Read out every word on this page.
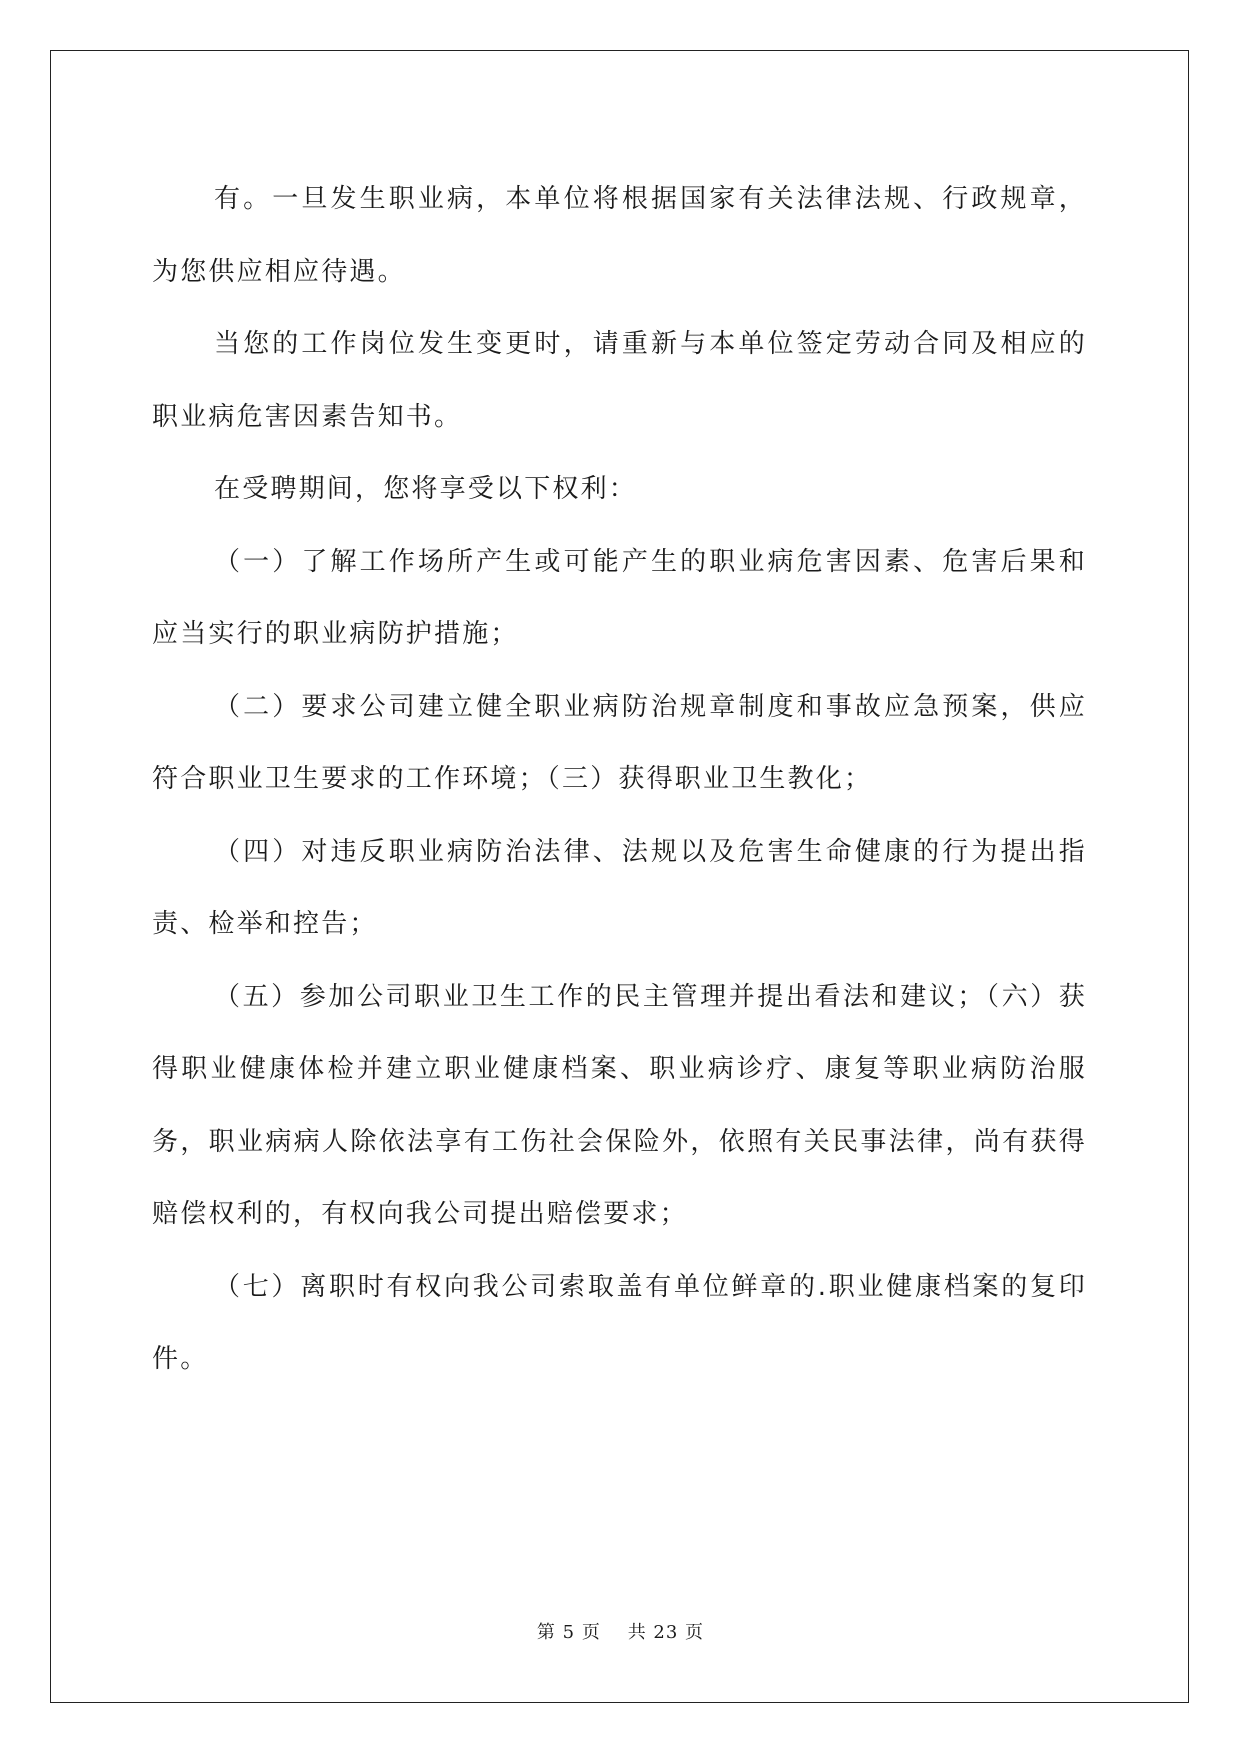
有。一旦发生职业病，本单位将根据国家有关法律法规、行政规章，为您供应相应待遇。

当您的工作岗位发生变更时，请重新与本单位签定劳动合同及相应的职业病危害因素告知书。

在受聘期间，您将享受以下权利：

（一）了解工作场所产生或可能产生的职业病危害因素、危害后果和应当实行的职业病防护措施；

（二）要求公司建立健全职业病防治规章制度和事故应急预案，供应符合职业卫生要求的工作环境；（三）获得职业卫生教化；

（四）对违反职业病防治法律、法规以及危害生命健康的行为提出指责、检举和控告；

（五）参加公司职业卫生工作的民主管理并提出看法和建议；（六）获得职业健康体检并建立职业健康档案、职业病诊疗、康复等职业病防治服务，职业病病人除依法享有工伤社会保险外，依照有关民事法律，尚有获得赔偿权利的，有权向我公司提出赔偿要求；

（七）离职时有权向我公司索取盖有单位鲜章的.职业健康档案的复印件。

第 5 页    共 23 页
